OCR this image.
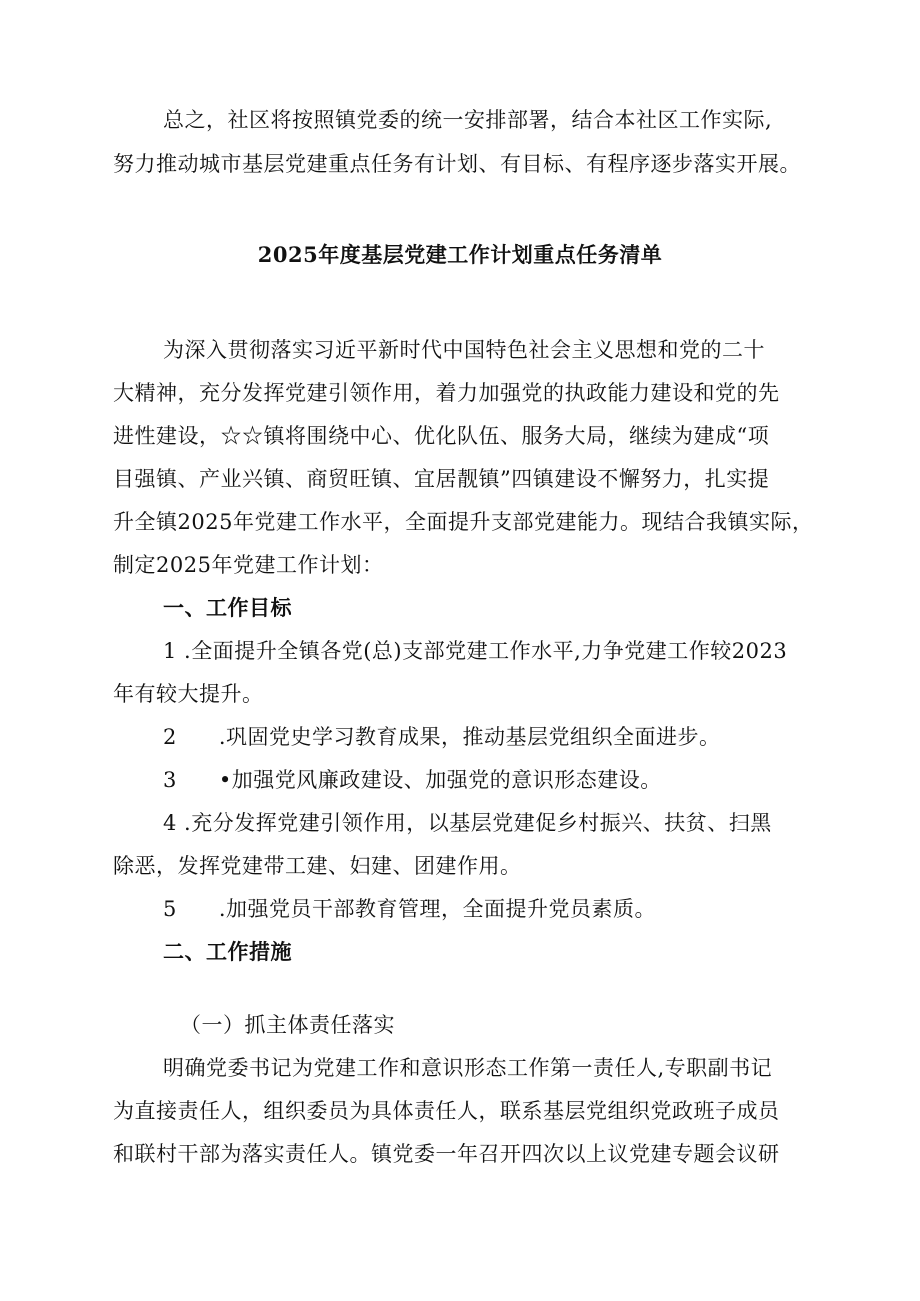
总之，社区将按照镇党委的统一安排部署，结合本社区工作实际,

努力推动城市基层党建重点任务有计划、有目标、有程序逐步落实开展。

2025年度基层党建工作计划重点任务清单

为深入贯彻落实习近平新时代中国特色社会主义思想和党的二十

大精神，充分发挥党建引领作用，着力加强党的执政能力建设和党的先

进性建设，☆☆镇将围绕中心、优化队伍、服务大局，继续为建成“项

目强镇、产业兴镇、商贸旺镇、宜居靓镇”四镇建设不懈努力，扎实提

升全镇2025年党建工作水平，全面提升支部党建能力。现结合我镇实际，

制定2025年党建工作计划：

一、工作目标

1 .全面提升全镇各党(总)支部党建工作水平,力争党建工作较2023

年有较大提升。

2 .巩固党史学习教育成果，推动基层党组织全面进步。

3 •加强党风廉政建设、加强党的意识形态建设。

4 .充分发挥党建引领作用，以基层党建促乡村振兴、扶贫、扫黑

除恶，发挥党建带工建、妇建、团建作用。

5 .加强党员干部教育管理，全面提升党员素质。

二、工作措施

（一）抓主体责任落实

明确党委书记为党建工作和意识形态工作第一责任人,专职副书记

为直接责任人，组织委员为具体责任人，联系基层党组织党政班子成员

和联村干部为落实责任人。镇党委一年召开四次以上议党建专题会议研
